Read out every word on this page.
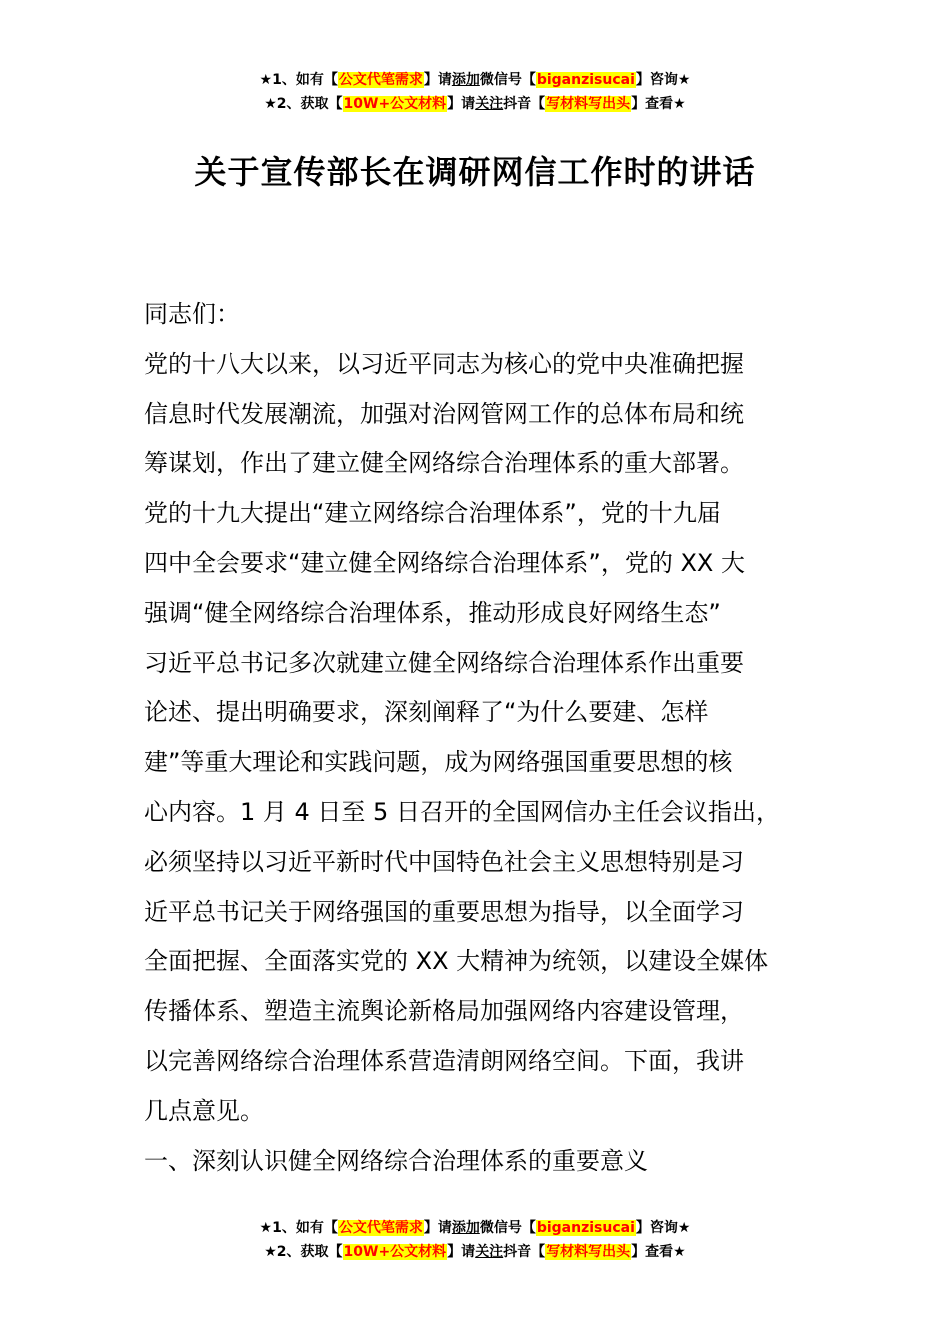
★1、如有【公文代笔需求】请添加微信号【biganzisucai】咨询★
★2、获取【10W+公文材料】请关注抖音【写材料写出头】查看★
关于宣传部长在调研网信工作时的讲话

同志们：

党的十八大以来，以习近平同志为核心的党中央准确把握

信息时代发展潮流，加强对治网管网工作的总体布局和统

筹谋划，作出了建立健全网络综合治理体系的重大部署。

党的十九大提出“建立网络综合治理体系”，党的十九届

四中全会要求“建立健全网络综合治理体系”，党的 XX 大

强调“健全网络综合治理体系，推动形成良好网络生态”

习近平总书记多次就建立健全网络综合治理体系作出重要

论述、提出明确要求，深刻阐释了“为什么要建、怎样

建”等重大理论和实践问题，成为网络强国重要思想的核

心内容。1 月 4 日至 5 日召开的全国网信办主任会议指出，

必须坚持以习近平新时代中国特色社会主义思想特别是习

近平总书记关于网络强国的重要思想为指导，以全面学习

全面把握、全面落实党的 XX 大精神为统领，以建设全媒体

传播体系、塑造主流舆论新格局加强网络内容建设管理，

以完善网络综合治理体系营造清朗网络空间。下面，我讲

几点意见。

一、深刻认识健全网络综合治理体系的重要意义

★1、如有【公文代笔需求】请添加微信号【biganzisucai】咨询★
★2、获取【10W+公文材料】请关注抖音【写材料写出头】查看★
